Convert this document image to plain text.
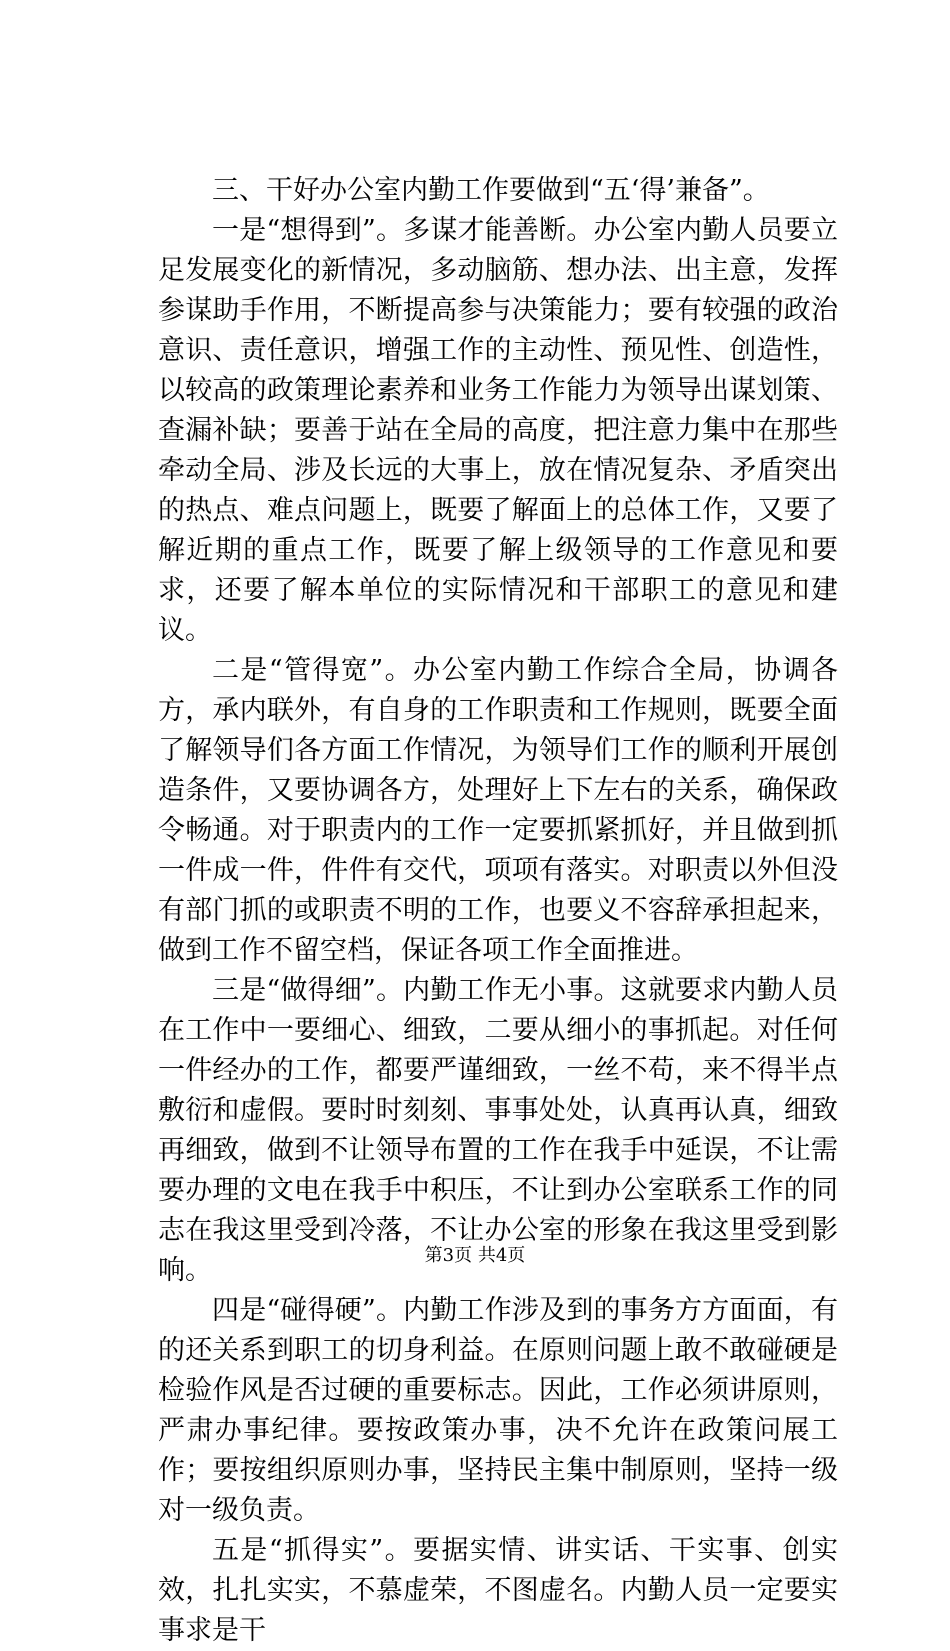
三、干好办公室内勤工作要做到“五‘得’兼备”。

一是“想得到”。多谋才能善断。办公室内勤人员要立足发展变化的新情况，多动脑筋、想办法、出主意，发挥参谋助手作用，不断提高参与决策能力；要有较强的政治意识、责任意识，增强工作的主动性、预见性、创造性，以较高的政策理论素养和业务工作能力为领导出谋划策、查漏补缺；要善于站在全局的高度，把注意力集中在那些牵动全局、涉及长远的大事上，放在情况复杂、矛盾突出的热点、难点问题上，既要了解面上的总体工作，又要了解近期的重点工作，既要了解上级领导的工作意见和要求，还要了解本单位的实际情况和干部职工的意见和建议。

二是“管得宽”。办公室内勤工作综合全局，协调各方，承内联外，有自身的工作职责和工作规则，既要全面了解领导们各方面工作情况，为领导们工作的顺利开展创造条件，又要协调各方，处理好上下左右的关系，确保政令畅通。对于职责内的工作一定要抓紧抓好，并且做到抓一件成一件，件件有交代，项项有落实。对职责以外但没有部门抓的或职责不明的工作，也要义不容辞承担起来，做到工作不留空档，保证各项工作全面推进。

三是“做得细”。内勤工作无小事。这就要求内勤人员在工作中一要细心、细致，二要从细小的事抓起。对任何一件经办的工作，都要严谨细致，一丝不苟，来不得半点敷衍和虚假。要时时刻刻、事事处处，认真再认真，细致再细致，做到不让领导布置的工作在我手中延误，不让需要办理的文电在我手中积压，不让到办公室联系工作的同志在我这里受到冷落，不让办公室的形象在我这里受到影响。

四是“碰得硬”。内勤工作涉及到的事务方方面面，有的还关系到职工的切身利益。在原则问题上敢不敢碰硬是检验作风是否过硬的重要标志。因此，工作必须讲原则，严肃办事纪律。要按政策办事，决不允许在政策问展工作；要按组织原则办事，坚持民主集中制原则，坚持一级对一级负责。

五是“抓得实”。要据实情、讲实话、干实事、创实效，扎扎实实，不慕虚荣，不图虚名。内勤人员一定要实事求是干

第3页 共4页
